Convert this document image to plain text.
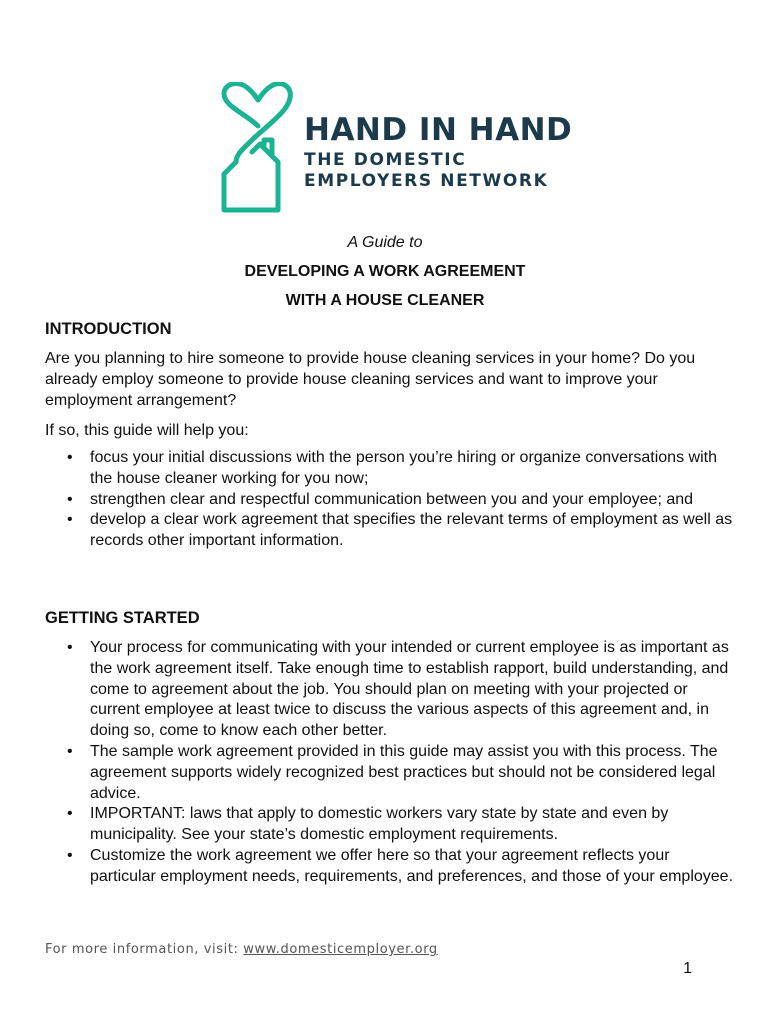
HAND IN HAND
THE DOMESTIC
EMPLOYERS NETWORK
A Guide to
DEVELOPING A WORK AGREEMENT
WITH A HOUSE CLEANER
INTRODUCTION
Are you planning to hire someone to provide house cleaning services in your home? Do you already employ someone to provide house cleaning services and want to improve your employment arrangement?
If so, this guide will help you:
• focus your initial discussions with the person you’re hiring or organize conversations with the house cleaner working for you now;
• strengthen clear and respectful communication between you and your employee; and
• develop a clear work agreement that specifies the relevant terms of employment as well as records other important information.
GETTING STARTED
• Your process for communicating with your intended or current employee is as important as the work agreement itself. Take enough time to establish rapport, build understanding, and come to agreement about the job. You should plan on meeting with your projected or current employee at least twice to discuss the various aspects of this agreement and, in doing so, come to know each other better.
• The sample work agreement provided in this guide may assist you with this process. The agreement supports widely recognized best practices but should not be considered legal advice.
• IMPORTANT: laws that apply to domestic workers vary state by state and even by municipality. See your state’s domestic employment requirements.
• Customize the work agreement we offer here so that your agreement reflects your particular employment needs, requirements, and preferences, and those of your employee.
For more information, visit: www.domesticemployer.org
1
